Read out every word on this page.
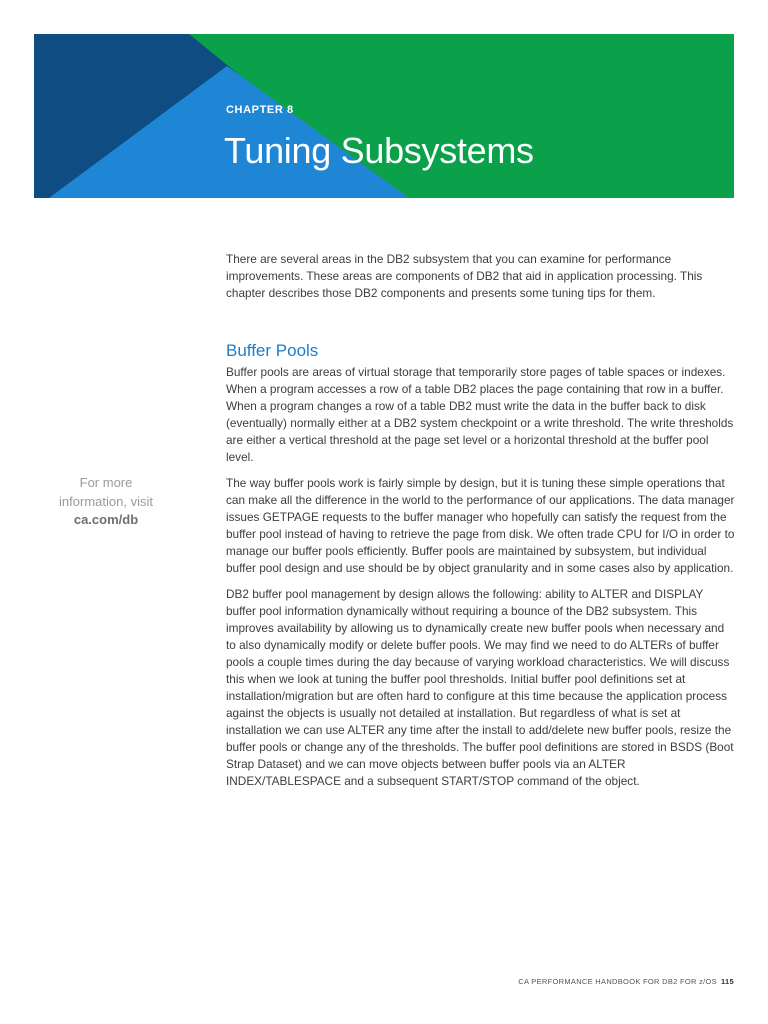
CHAPTER 8
Tuning Subsystems

There are several areas in the DB2 subsystem that you can examine for performance improvements. These areas are components of DB2 that aid in application processing. This chapter describes those DB2 components and presents some tuning tips for them.

Buffer Pools

Buffer pools are areas of virtual storage that temporarily store pages of table spaces or indexes. When a program accesses a row of a table DB2 places the page containing that row in a buffer. When a program changes a row of a table DB2 must write the data in the buffer back to disk (eventually) normally either at a DB2 system checkpoint or a write threshold. The write thresholds are either a vertical threshold at the page set level or a horizontal threshold at the buffer pool level.

The way buffer pools work is fairly simple by design, but it is tuning these simple operations that can make all the difference in the world to the performance of our applications. The data manager issues GETPAGE requests to the buffer manager who hopefully can satisfy the request from the buffer pool instead of having to retrieve the page from disk. We often trade CPU for I/O in order to manage our buffer pools efficiently. Buffer pools are maintained by subsystem, but individual buffer pool design and use should be by object granularity and in some cases also by application.

DB2 buffer pool management by design allows the following: ability to ALTER and DISPLAY buffer pool information dynamically without requiring a bounce of the DB2 subsystem. This improves availability by allowing us to dynamically create new buffer pools when necessary and to also dynamically modify or delete buffer pools. We may find we need to do ALTERs of buffer pools a couple times during the day because of varying workload characteristics. We will discuss this when we look at tuning the buffer pool thresholds. Initial buffer pool definitions set at installation/migration but are often hard to configure at this time because the application process against the objects is usually not detailed at installation. But regardless of what is set at installation we can use ALTER any time after the install to add/delete new buffer pools, resize the buffer pools or change any of the thresholds. The buffer pool definitions are stored in BSDS (Boot Strap Dataset) and we can move objects between buffer pools via an ALTER INDEX/TABLESPACE and a subsequent START/STOP command of the object.

For more information, visit
ca.com/db
CA PERFORMANCE HANDBOOK FOR DB2 FOR z/OS 115
